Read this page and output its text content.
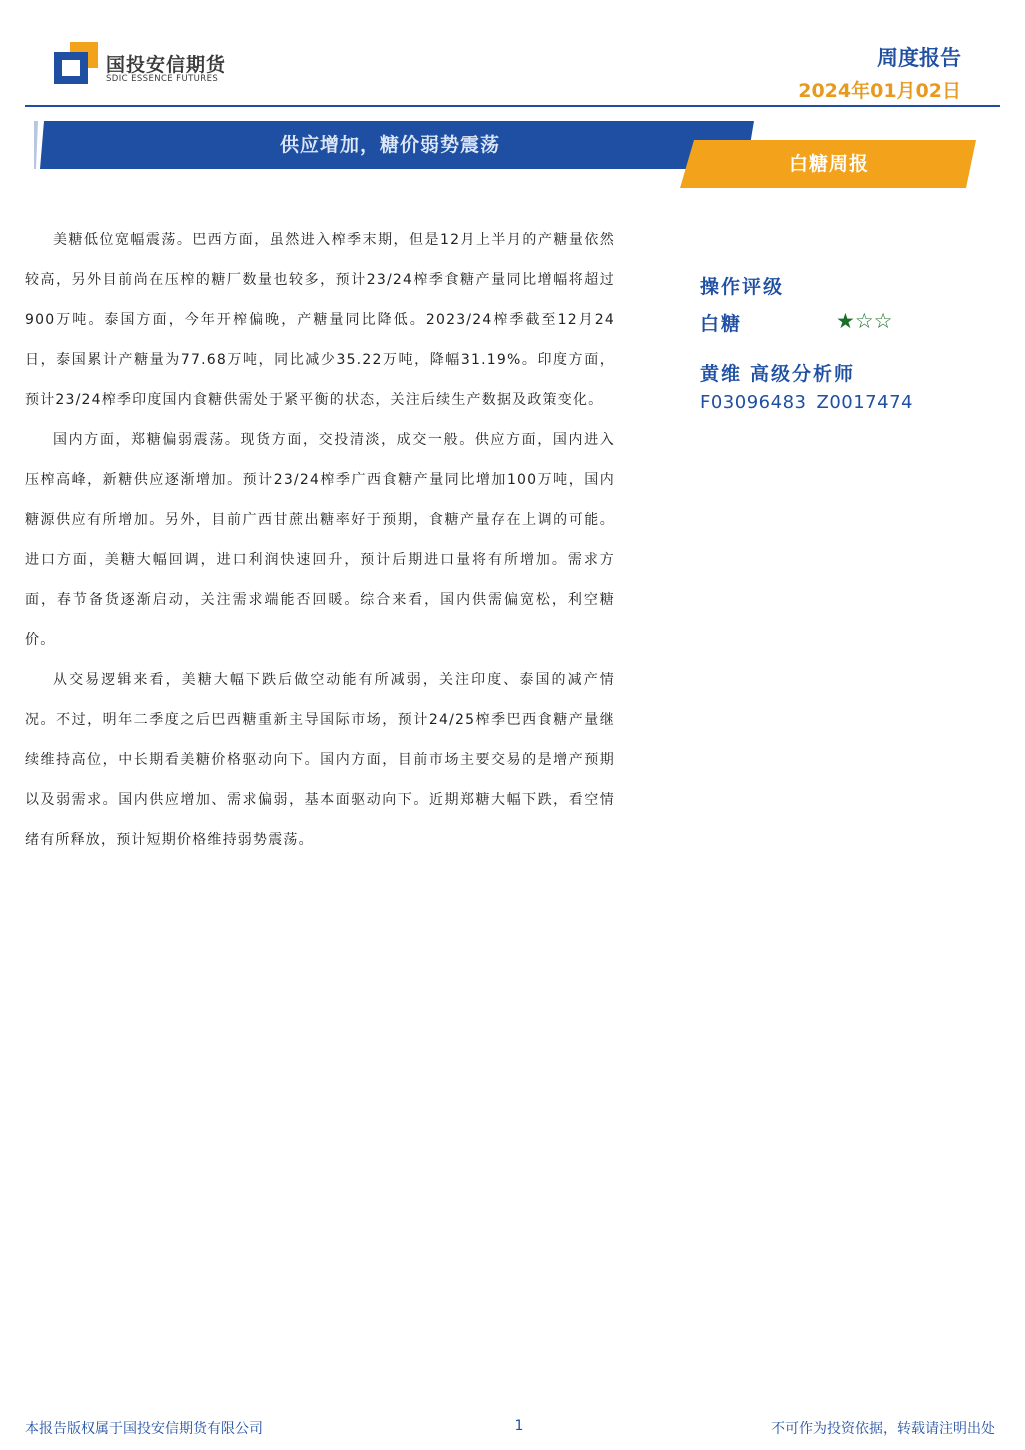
国投安信期货
SDIC ESSENCE FUTURES
周度报告
2024年01月02日
供应增加，糖价弱势震荡
白糖周报

美糖低位宽幅震荡。巴西方面，虽然进入榨季末期，但是12月上半月的产糖量依然较高，另外目前尚在压榨的糖厂数量也较多，预计23/24榨季食糖产量同比增幅将超过900万吨。泰国方面，今年开榨偏晚，产糖量同比降低。2023/24榨季截至12月24日，泰国累计产糖量为77.68万吨，同比减少35.22万吨，降幅31.19%。印度方面，预计23/24榨季印度国内食糖供需处于紧平衡的状态，关注后续生产数据及政策变化。

国内方面，郑糖偏弱震荡。现货方面，交投清淡，成交一般。供应方面，国内进入压榨高峰，新糖供应逐渐增加。预计23/24榨季广西食糖产量同比增加100万吨，国内糖源供应有所增加。另外，目前广西甘蔗出糖率好于预期，食糖产量存在上调的可能。进口方面，美糖大幅回调，进口利润快速回升，预计后期进口量将有所增加。需求方面，春节备货逐渐启动，关注需求端能否回暖。综合来看，国内供需偏宽松，利空糖价。

从交易逻辑来看，美糖大幅下跌后做空动能有所减弱，关注印度、泰国的减产情况。不过，明年二季度之后巴西糖重新主导国际市场，预计24/25榨季巴西食糖产量继续维持高位，中长期看美糖价格驱动向下。国内方面，目前市场主要交易的是增产预期以及弱需求。国内供应增加、需求偏弱，基本面驱动向下。近期郑糖大幅下跌，看空情绪有所释放，预计短期价格维持弱势震荡。

操作评级
白糖	★☆☆
黄维 高级分析师
F03096483 Z0017474
本报告版权属于国投安信期货有限公司	1	不可作为投资依据，转载请注明出处
